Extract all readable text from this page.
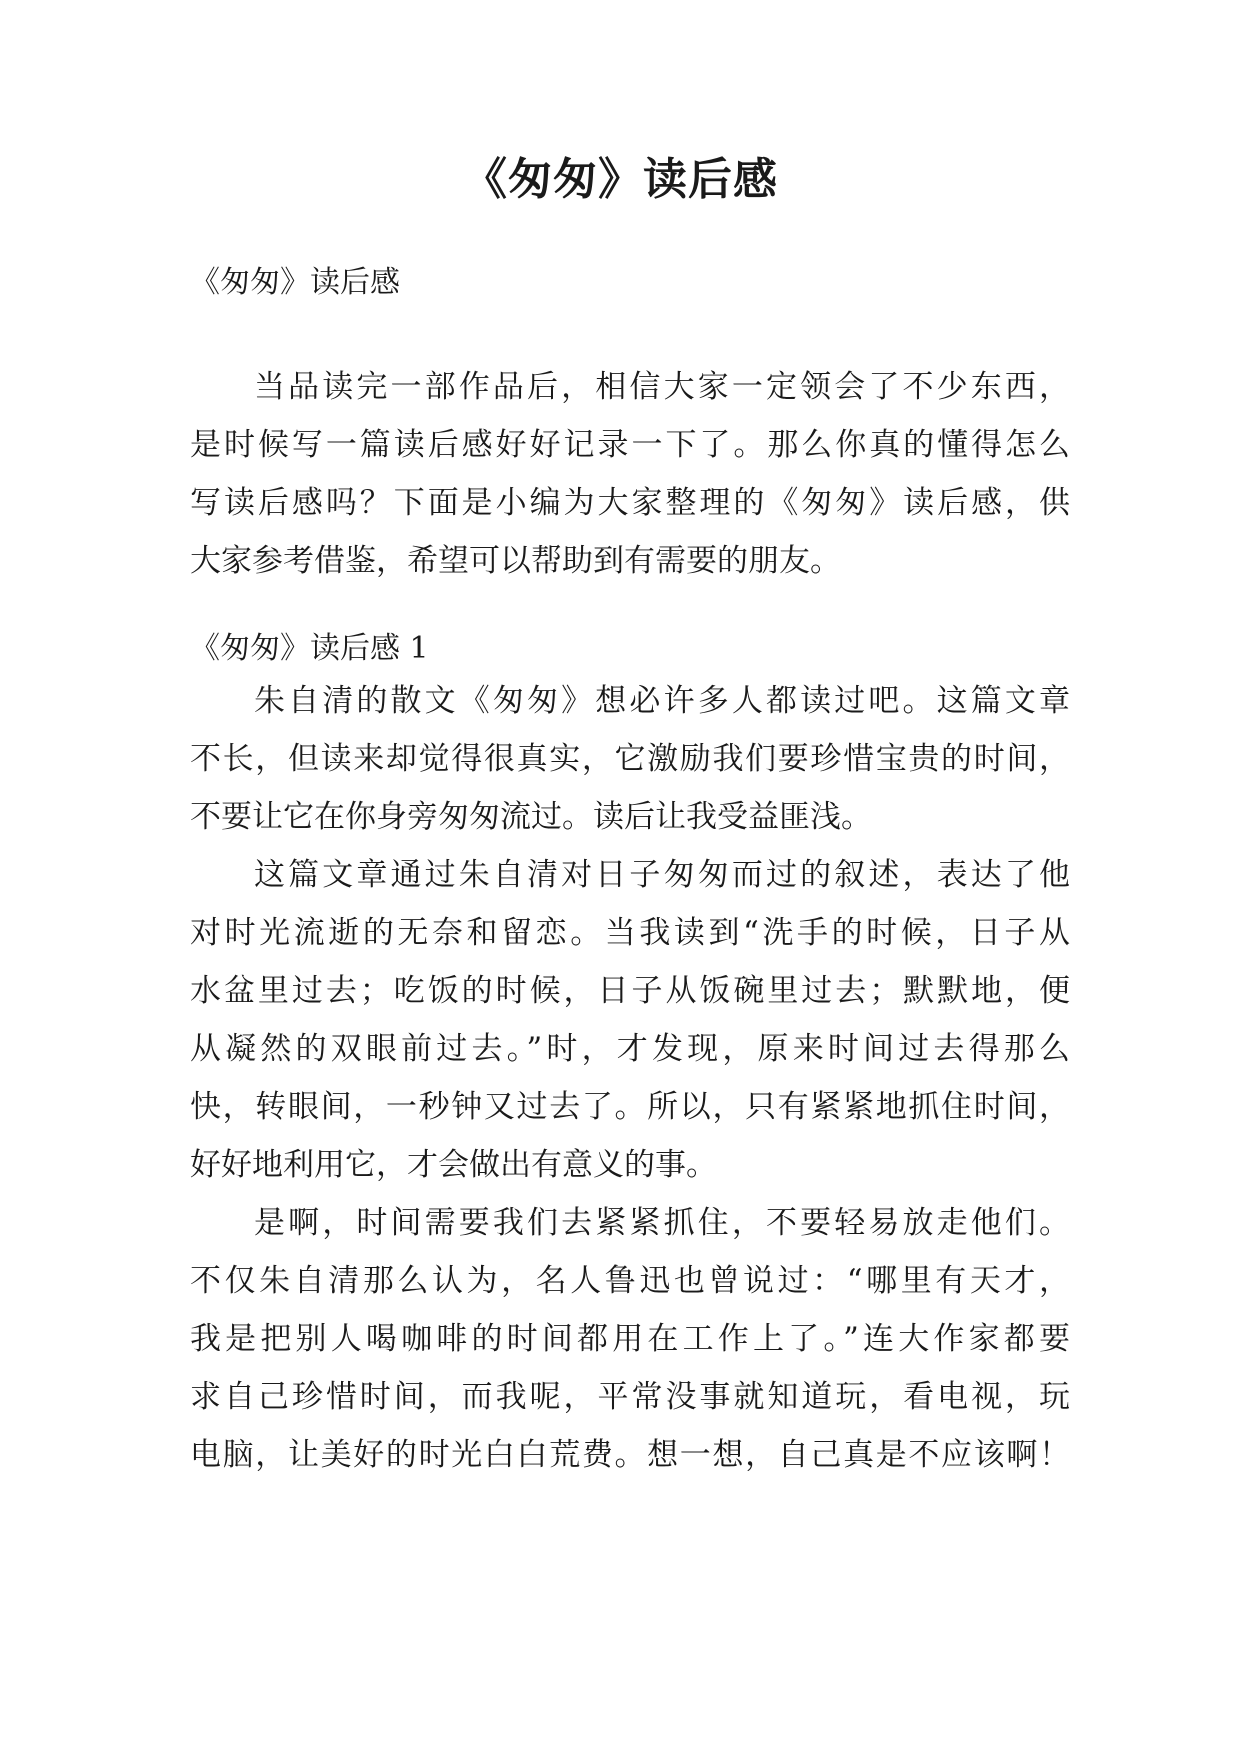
《匆匆》读后感
《匆匆》读后感
当品读完一部作品后，相信大家一定领会了不少东西，
是时候写一篇读后感好好记录一下了。那么你真的懂得怎么
写读后感吗？下面是小编为大家整理的《匆匆》读后感，供
大家参考借鉴，希望可以帮助到有需要的朋友。
《匆匆》读后感 1
朱自清的散文《匆匆》想必许多人都读过吧。这篇文章
不长，但读来却觉得很真实，它激励我们要珍惜宝贵的时间，
不要让它在你身旁匆匆流过。读后让我受益匪浅。
这篇文章通过朱自清对日子匆匆而过的叙述，表达了他
对时光流逝的无奈和留恋。当我读到“洗手的时候，日子从
水盆里过去；吃饭的时候，日子从饭碗里过去；默默地，便
从凝然的双眼前过去。”时，才发现，原来时间过去得那么
快，转眼间，一秒钟又过去了。所以，只有紧紧地抓住时间，
好好地利用它，才会做出有意义的事。
是啊，时间需要我们去紧紧抓住，不要轻易放走他们。
不仅朱自清那么认为，名人鲁迅也曾说过：“哪里有天才，
我是把别人喝咖啡的时间都用在工作上了。”连大作家都要
求自己珍惜时间，而我呢，平常没事就知道玩，看电视，玩
电脑，让美好的时光白白荒费。想一想，自己真是不应该啊！
